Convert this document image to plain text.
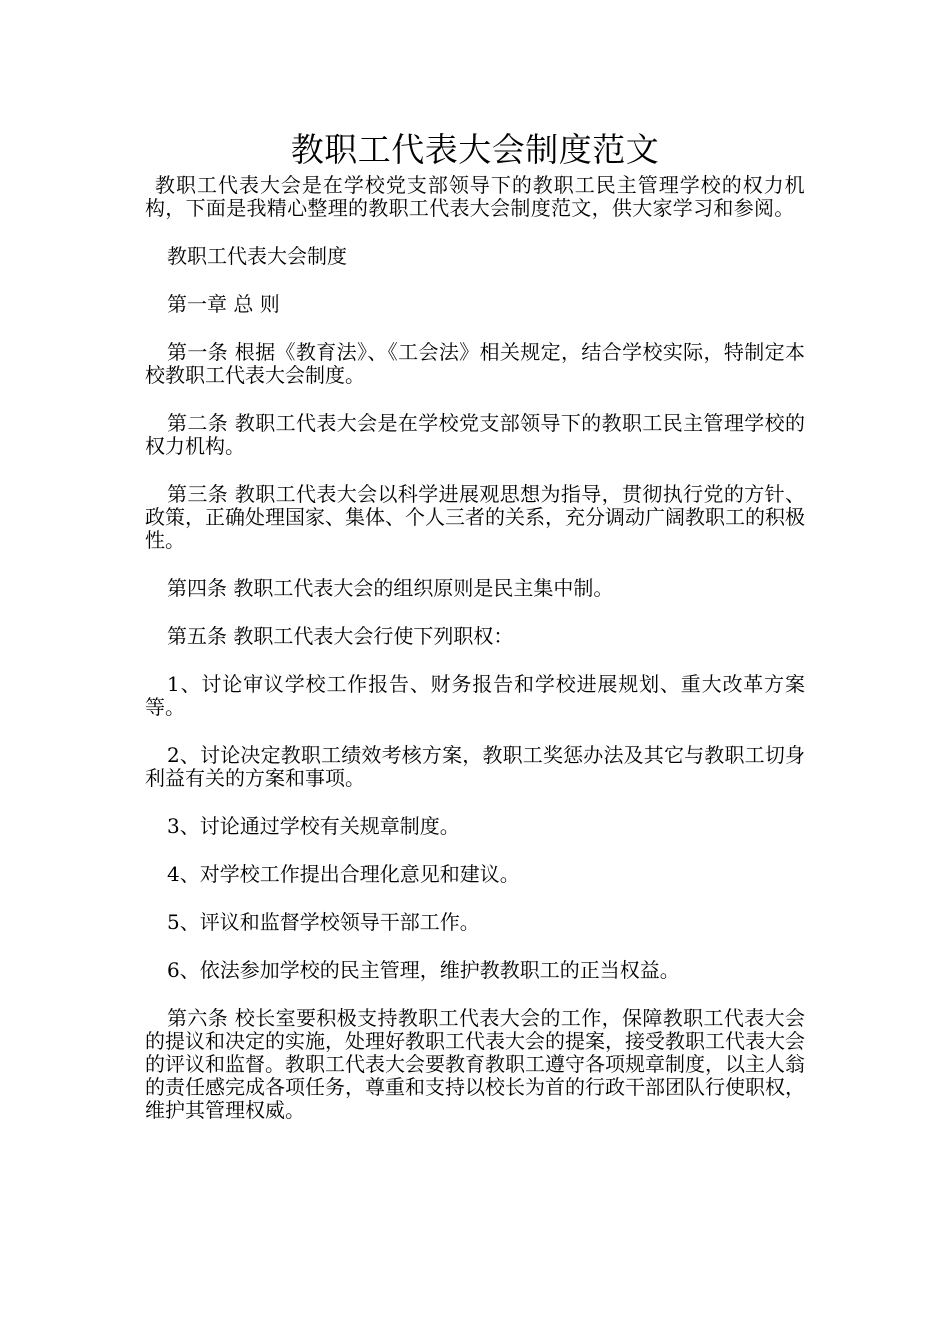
教职工代表大会制度范文

教职工代表大会是在学校党支部领导下的教职工民主管理学校的权力机构，下面是我精心整理的教职工代表大会制度范文，供大家学习和参阅。

教职工代表大会制度

第一章 总 则

第一条 根据《教育法》、《工会法》相关规定，结合学校实际，特制定本校教职工代表大会制度。

第二条 教职工代表大会是在学校党支部领导下的教职工民主管理学校的权力机构。

第三条 教职工代表大会以科学进展观思想为指导，贯彻执行党的方针、政策，正确处理国家、集体、个人三者的关系，充分调动广阔教职工的积极性。

第四条 教职工代表大会的组织原则是民主集中制。

第五条 教职工代表大会行使下列职权：

1、讨论审议学校工作报告、财务报告和学校进展规划、重大改革方案等。

2、讨论决定教职工绩效考核方案，教职工奖惩办法及其它与教职工切身利益有关的方案和事项。

3、讨论通过学校有关规章制度。

4、对学校工作提出合理化意见和建议。

5、评议和监督学校领导干部工作。

6、依法参加学校的民主管理，维护教教职工的正当权益。

第六条 校长室要积极支持教职工代表大会的工作，保障教职工代表大会的提议和决定的实施，处理好教职工代表大会的提案，接受教职工代表大会的评议和监督。教职工代表大会要教育教职工遵守各项规章制度，以主人翁的责任感完成各项任务，尊重和支持以校长为首的行政干部团队行使职权，维护其管理权威。
